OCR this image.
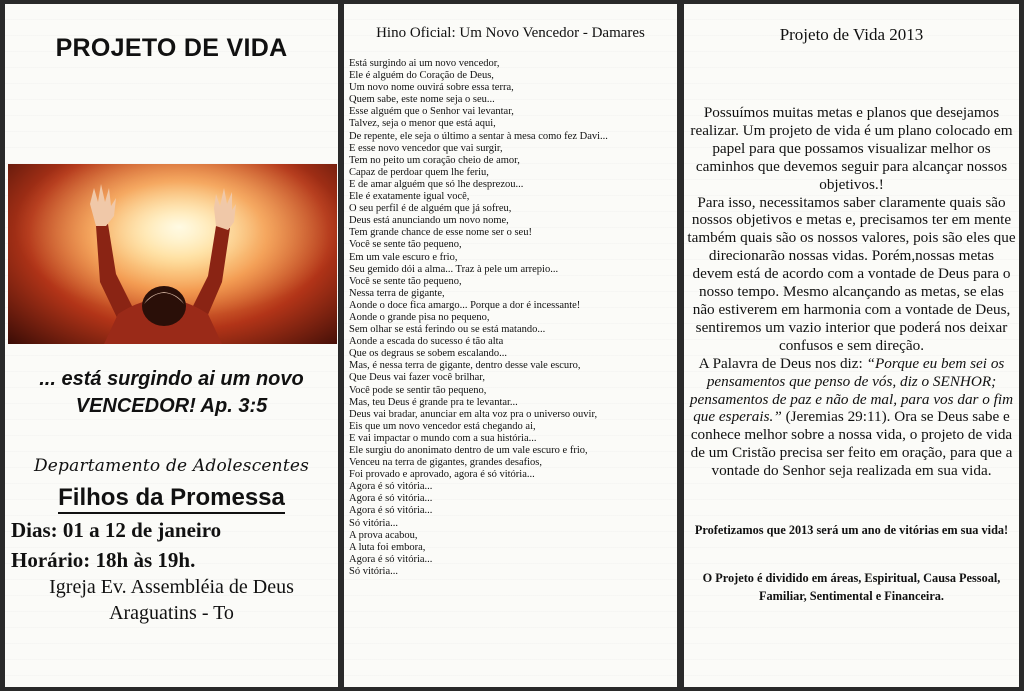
PROJETO DE VIDA
... está surgindo ai um novo
VENCEDOR! Ap. 3:5
Departamento de Adolescentes
Filhos da Promessa
Dias: 01 a 12 de janeiro
Horário: 18h às 19h.
Igreja Ev. Assembléia de Deus
Araguatins - To
Hino Oficial: Um Novo Vencedor - Damares
Está surgindo ai um novo vencedor,
Ele é alguém do Coração de Deus,
Um novo nome ouvirá sobre essa terra,
Quem sabe, este nome seja o seu...
Esse alguém que o Senhor vai levantar,
Talvez, seja o menor que está aqui,
De repente, ele seja o último a sentar à mesa como fez Davi...
E esse novo vencedor que vai surgir,
Tem no peito um coração cheio de amor,
Capaz de perdoar quem lhe feriu,
E de amar alguém que só lhe desprezou...
Ele é exatamente igual você,
O seu perfil é de alguém que já sofreu,
Deus está anunciando um novo nome,
Tem grande chance de esse nome ser o seu!
Você se sente tão pequeno,
Em um vale escuro e frio,
Seu gemido dói a alma... Traz à pele um arrepio...
Você se sente tão pequeno,
Nessa terra de gigante,
Aonde o doce fica amargo... Porque a dor é incessante!
Aonde o grande pisa no pequeno,
Sem olhar se está ferindo ou se está matando...
Aonde a escada do sucesso é tão alta
Que os degraus se sobem escalando...
Mas, é nessa terra de gigante, dentro desse vale escuro,
Que Deus vai fazer você brilhar,
Você pode se sentir tão pequeno,
Mas, teu Deus é grande pra te levantar...
Deus vai bradar, anunciar em alta voz pra o universo ouvir,
Eis que um novo vencedor está chegando ai,
E vai impactar o mundo com a sua história...
Ele surgiu do anonimato dentro de um vale escuro e frio,
Venceu na terra de gigantes, grandes desafios,
Foi provado e aprovado, agora é só vitória...
Agora é só vitória...
Agora é só vitória...
Agora é só vitória...
Só vitória...
A prova acabou,
A luta foi embora,
Agora é só vitória...
Só vitória...
Projeto de Vida 2013

Possuímos muitas metas e planos que desejamos realizar. Um projeto de vida é um plano colocado em papel para que possamos visualizar melhor os caminhos que devemos seguir para alcançar nossos objetivos.!

Para isso, necessitamos saber claramente quais são nossos objetivos e metas e, precisamos ter em mente também quais são os nossos valores, pois são eles que direcionarão nossas vidas. Porém,nossas metas devem está de acordo com a vontade de Deus para o nosso tempo. Mesmo alcançando as metas, se elas não estiverem em harmonia com a vontade de Deus, sentiremos um vazio interior que poderá nos deixar confusos e sem direção.

A Palavra de Deus nos diz: “Porque eu bem sei os pensamentos que penso de vós, diz o SENHOR; pensamentos de paz e não de mal, para vos dar o fim que esperais.” (Jeremias 29:11). Ora se Deus sabe e conhece melhor sobre a nossa vida, o projeto de vida de um Cristão precisa ser feito em oração, para que a vontade do Senhor seja realizada em sua vida.

Profetizamos que 2013 será um ano de vitórias em sua vida!
O Projeto é dividido em áreas, Espiritual, Causa Pessoal, Familiar, Sentimental e Financeira.
